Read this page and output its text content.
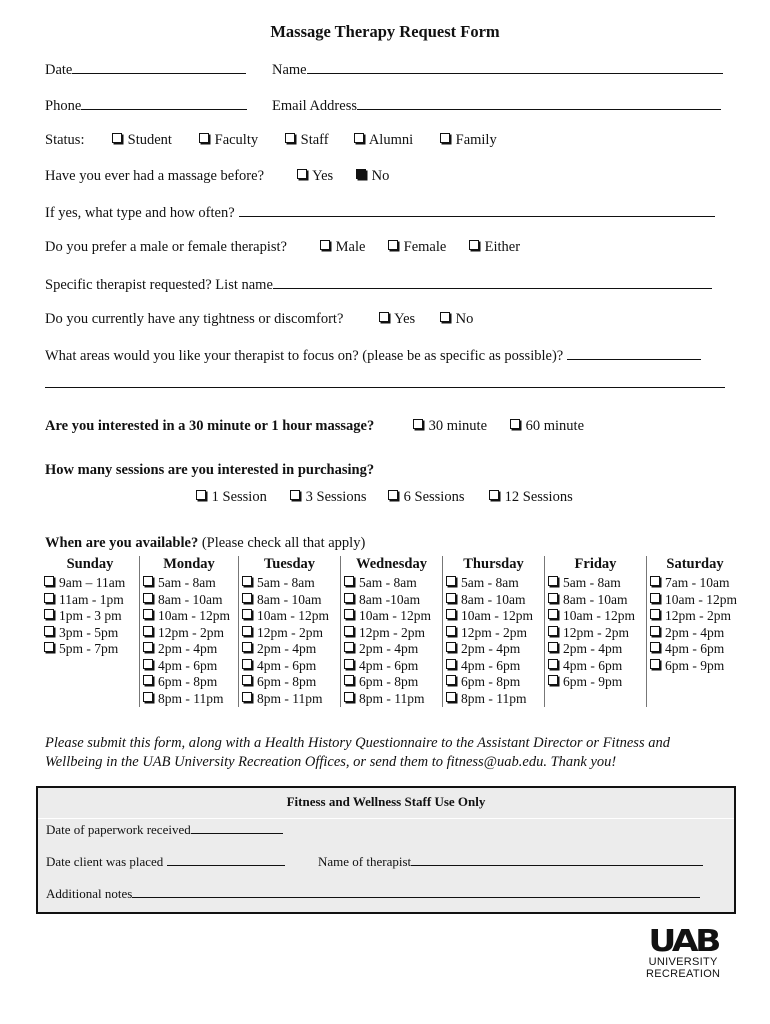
Massage Therapy Request Form
Date	Name
Phone	Email Address
Status:	Student	Faculty	Staff	Alumni	Family
Have you ever had a massage before?	Yes	No
If yes, what type and how often?
Do you prefer a male or female therapist?	Male	Female	Either
Specific therapist requested? List name
Do you currently have any tightness or discomfort?	Yes	No
What areas would you like your therapist to focus on? (please be as specific as possible)?
Are you interested in a 30 minute or 1 hour massage?	30 minute	60 minute
How many sessions are you interested in purchasing?
1 Session	3 Sessions	6 Sessions	12 Sessions
When are you available? (Please check all that apply)
Sunday
9am – 11am
11am - 1pm
1pm - 3 pm
3pm - 5pm
5pm - 7pm
Monday
5am - 8am
8am - 10am
10am - 12pm
12pm - 2pm
2pm - 4pm
4pm - 6pm
6pm - 8pm
8pm - 11pm
Tuesday
5am - 8am
8am - 10am
10am - 12pm
12pm - 2pm
2pm - 4pm
4pm - 6pm
6pm - 8pm
8pm - 11pm
Wednesday
5am - 8am
8am -10am
10am - 12pm
12pm - 2pm
2pm - 4pm
4pm - 6pm
6pm - 8pm
8pm - 11pm
Thursday
5am - 8am
8am - 10am
10am - 12pm
12pm - 2pm
2pm - 4pm
4pm - 6pm
6pm - 8pm
8pm - 11pm
Friday
5am - 8am
8am - 10am
10am - 12pm
12pm - 2pm
2pm - 4pm
4pm - 6pm
6pm - 9pm
Saturday
7am - 10am
10am - 12pm
12pm - 2pm
2pm - 4pm
4pm - 6pm
6pm - 9pm
Please submit this form, along with a Health History Questionnaire to the Assistant Director or Fitness and Wellbeing in the UAB University Recreation Offices, or send them to fitness@uab.edu. Thank you!
Fitness and Wellness Staff Use Only
Date of paperwork received
Date client was placed	Name of therapist
Additional notes
UAB
UNIVERSITY
RECREATION
